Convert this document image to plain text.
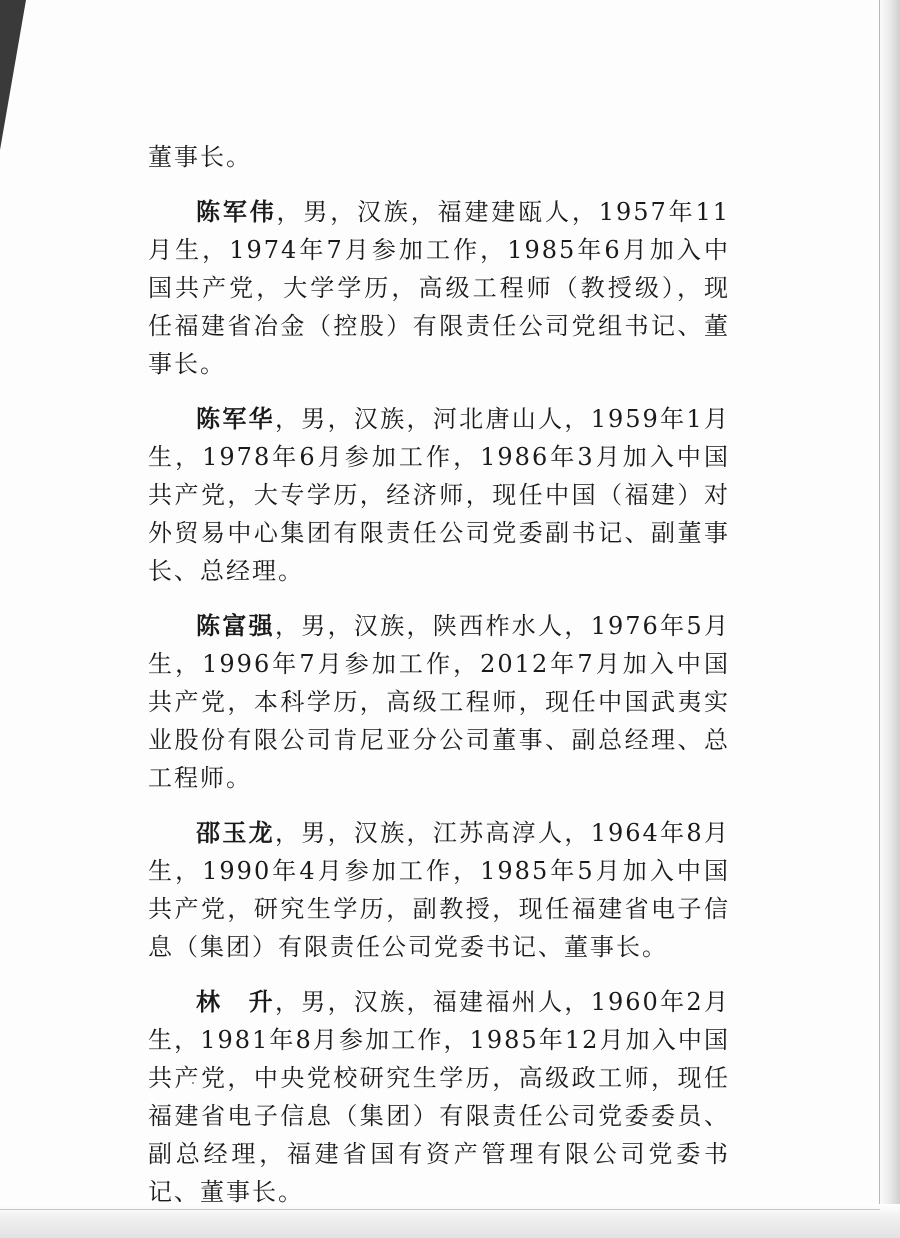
董事长。

陈军伟，男，汉族，福建建瓯人，1957年11月生，1974年7月参加工作，1985年6月加入中国共产党，大学学历，高级工程师（教授级），现任福建省冶金（控股）有限责任公司党组书记、董事长。

陈军华，男，汉族，河北唐山人，1959年1月生，1978年6月参加工作，1986年3月加入中国共产党，大专学历，经济师，现任中国（福建）对外贸易中心集团有限责任公司党委副书记、副董事长、总经理。

陈富强，男，汉族，陕西柞水人，1976年5月生，1996年7月参加工作，2012年7月加入中国共产党，本科学历，高级工程师，现任中国武夷实业股份有限公司肯尼亚分公司董事、副总经理、总工程师。

邵玉龙，男，汉族，江苏高淳人，1964年8月生，1990年4月参加工作，1985年5月加入中国共产党，研究生学历，副教授，现任福建省电子信息（集团）有限责任公司党委书记、董事长。

林　升，男，汉族，福建福州人，1960年2月生，1981年8月参加工作，1985年12月加入中国共产党，中央党校研究生学历，高级政工师，现任福建省电子信息（集团）有限责任公司党委委员、副总经理，福建省国有资产管理有限公司党委书记、董事长。
